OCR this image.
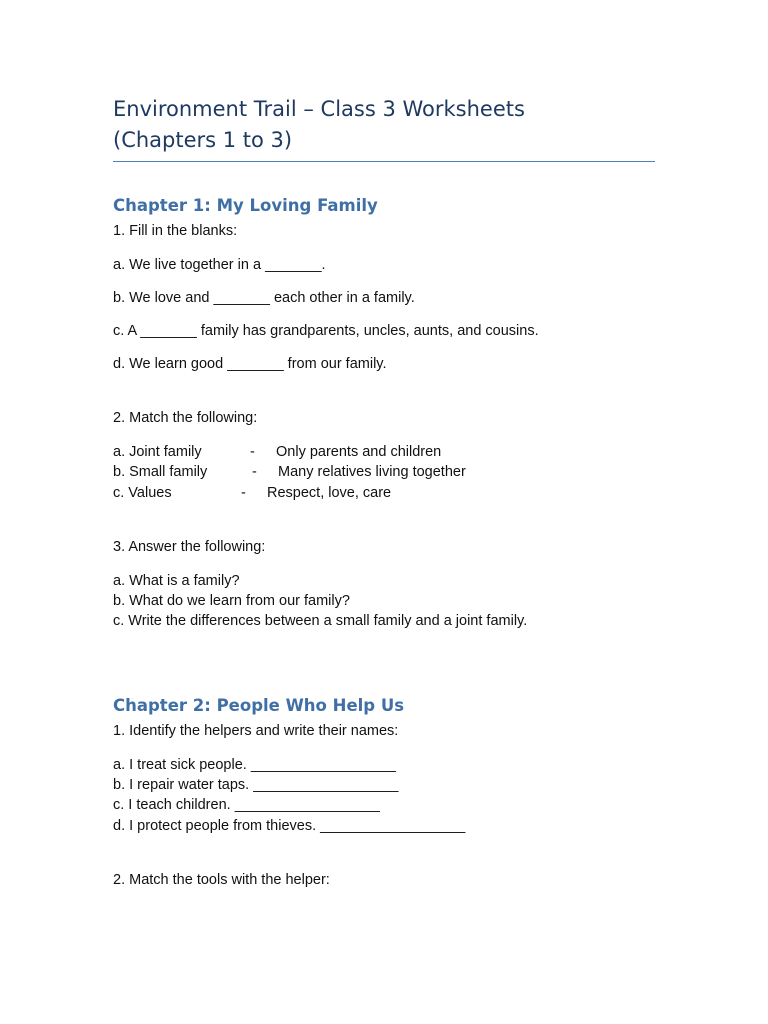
Environment Trail – Class 3 Worksheets
(Chapters 1 to 3)
Chapter 1: My Loving Family

1. Fill in the blanks:

a. We live together in a _______.

b. We love and _______ each other in a family.

c. A _______ family has grandparents, uncles, aunts, and cousins.

d. We learn good _______ from our family.

2. Match the following:

a. Joint family	- Only parents and children
b. Small family	- Many relatives living together
c. Values	- Respect, love, care

3. Answer the following:

a. What is a family?

b. What do we learn from our family?

c. Write the differences between a small family and a joint family.

Chapter 2: People Who Help Us

1. Identify the helpers and write their names:

a. I treat sick people. __________________

b. I repair water taps. __________________

c. I teach children. __________________

d. I protect people from thieves. __________________

2. Match the tools with the helper:
